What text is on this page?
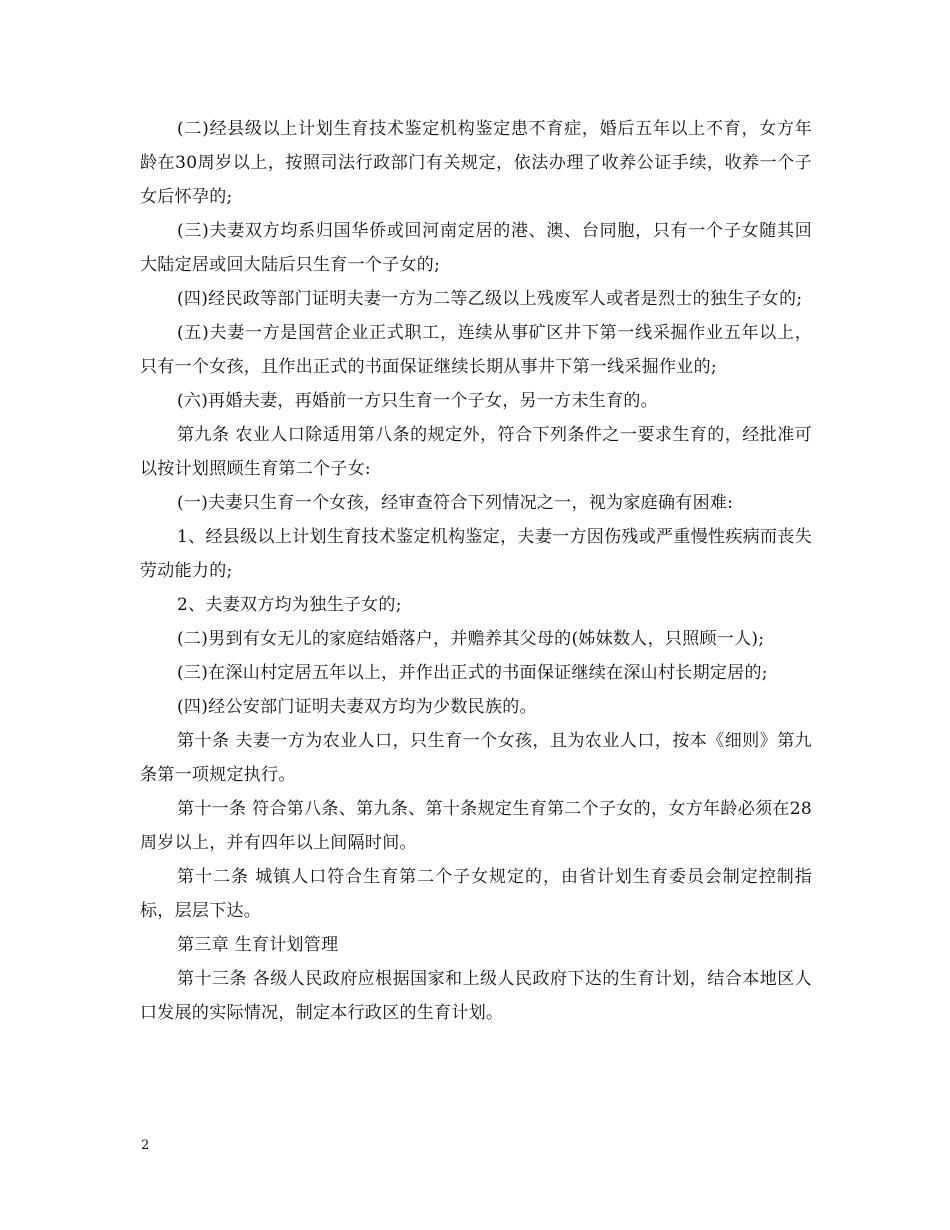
(二)经县级以上计划生育技术鉴定机构鉴定患不育症，婚后五年以上不育，女方年龄在30周岁以上，按照司法行政部门有关规定，依法办理了收养公证手续，收养一个子女后怀孕的;

(三)夫妻双方均系归国华侨或回河南定居的港、澳、台同胞，只有一个子女随其回大陆定居或回大陆后只生育一个子女的;

(四)经民政等部门证明夫妻一方为二等乙级以上残废军人或者是烈士的独生子女的;

(五)夫妻一方是国营企业正式职工，连续从事矿区井下第一线采掘作业五年以上，只有一个女孩，且作出正式的书面保证继续长期从事井下第一线采掘作业的;

(六)再婚夫妻，再婚前一方只生育一个子女，另一方未生育的。

第九条 农业人口除适用第八条的规定外，符合下列条件之一要求生育的，经批准可以按计划照顾生育第二个子女:

(一)夫妻只生育一个女孩，经审查符合下列情况之一，视为家庭确有困难:

1、经县级以上计划生育技术鉴定机构鉴定，夫妻一方因伤残或严重慢性疾病而丧失劳动能力的;

2、夫妻双方均为独生子女的;

(二)男到有女无儿的家庭结婚落户，并赡养其父母的(姊妹数人，只照顾一人);

(三)在深山村定居五年以上，并作出正式的书面保证继续在深山村长期定居的;

(四)经公安部门证明夫妻双方均为少数民族的。

第十条 夫妻一方为农业人口，只生育一个女孩，且为农业人口，按本《细则》第九条第一项规定执行。

第十一条 符合第八条、第九条、第十条规定生育第二个子女的，女方年龄必须在28周岁以上，并有四年以上间隔时间。

第十二条 城镇人口符合生育第二个子女规定的，由省计划生育委员会制定控制指标，层层下达。

第三章 生育计划管理

第十三条 各级人民政府应根据国家和上级人民政府下达的生育计划，结合本地区人口发展的实际情况，制定本行政区的生育计划。

2
